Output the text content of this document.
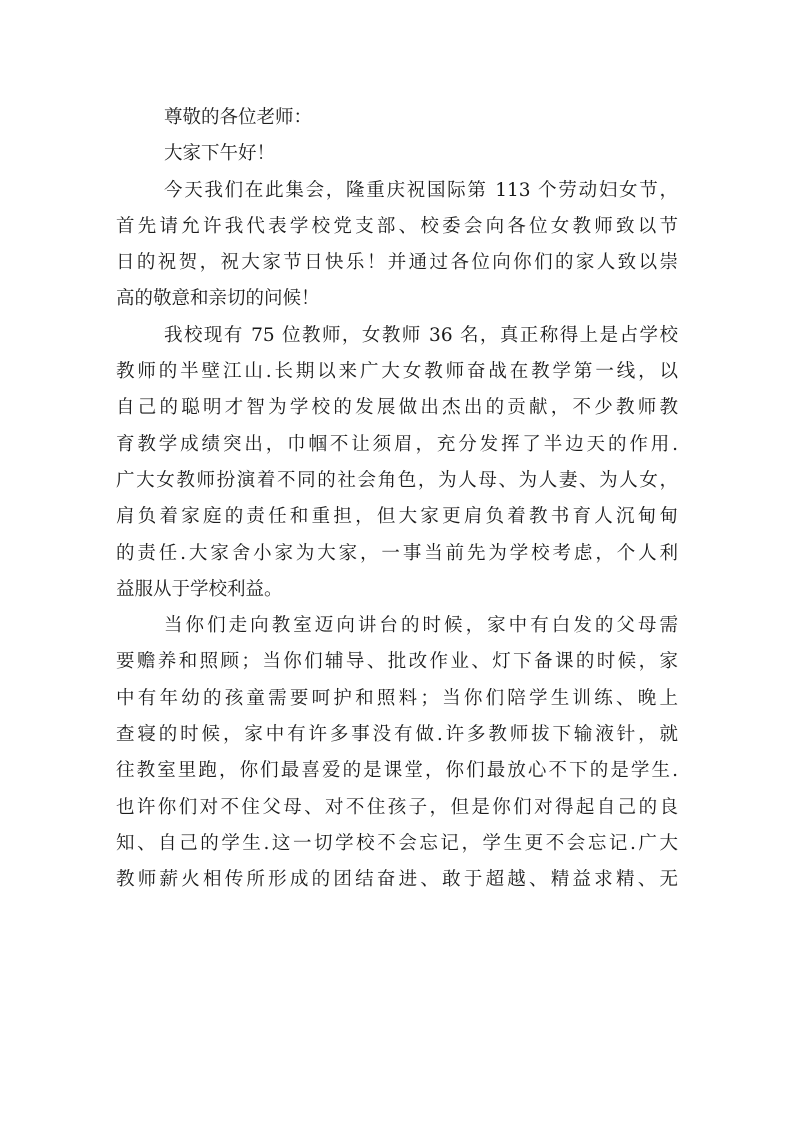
尊敬的各位老师：
大家下午好！
今天我们在此集会，隆重庆祝国际第 113 个劳动妇女节，
首先请允许我代表学校党支部、校委会向各位女教师致以节
日的祝贺，祝大家节日快乐！并通过各位向你们的家人致以崇
高的敬意和亲切的问候！
我校现有 75 位教师，女教师 36 名，真正称得上是占学校
教师的半壁江山.长期以来广大女教师奋战在教学第一线，以
自己的聪明才智为学校的发展做出杰出的贡献，不少教师教
育教学成绩突出，巾帼不让须眉，充分发挥了半边天的作用.
广大女教师扮演着不同的社会角色，为人母、为人妻、为人女，
肩负着家庭的责任和重担，但大家更肩负着教书育人沉甸甸
的责任.大家舍小家为大家，一事当前先为学校考虑，个人利
益服从于学校利益。
当你们走向教室迈向讲台的时候，家中有白发的父母需
要赡养和照顾；当你们辅导、批改作业、灯下备课的时候，家
中有年幼的孩童需要呵护和照料；当你们陪学生训练、晚上
查寝的时候，家中有许多事没有做.许多教师拔下输液针，就
往教室里跑，你们最喜爱的是课堂，你们最放心不下的是学生.
也许你们对不住父母、对不住孩子，但是你们对得起自己的良
知、自己的学生.这一切学校不会忘记，学生更不会忘记.广大
教师薪火相传所形成的团结奋进、敢于超越、精益求精、无
